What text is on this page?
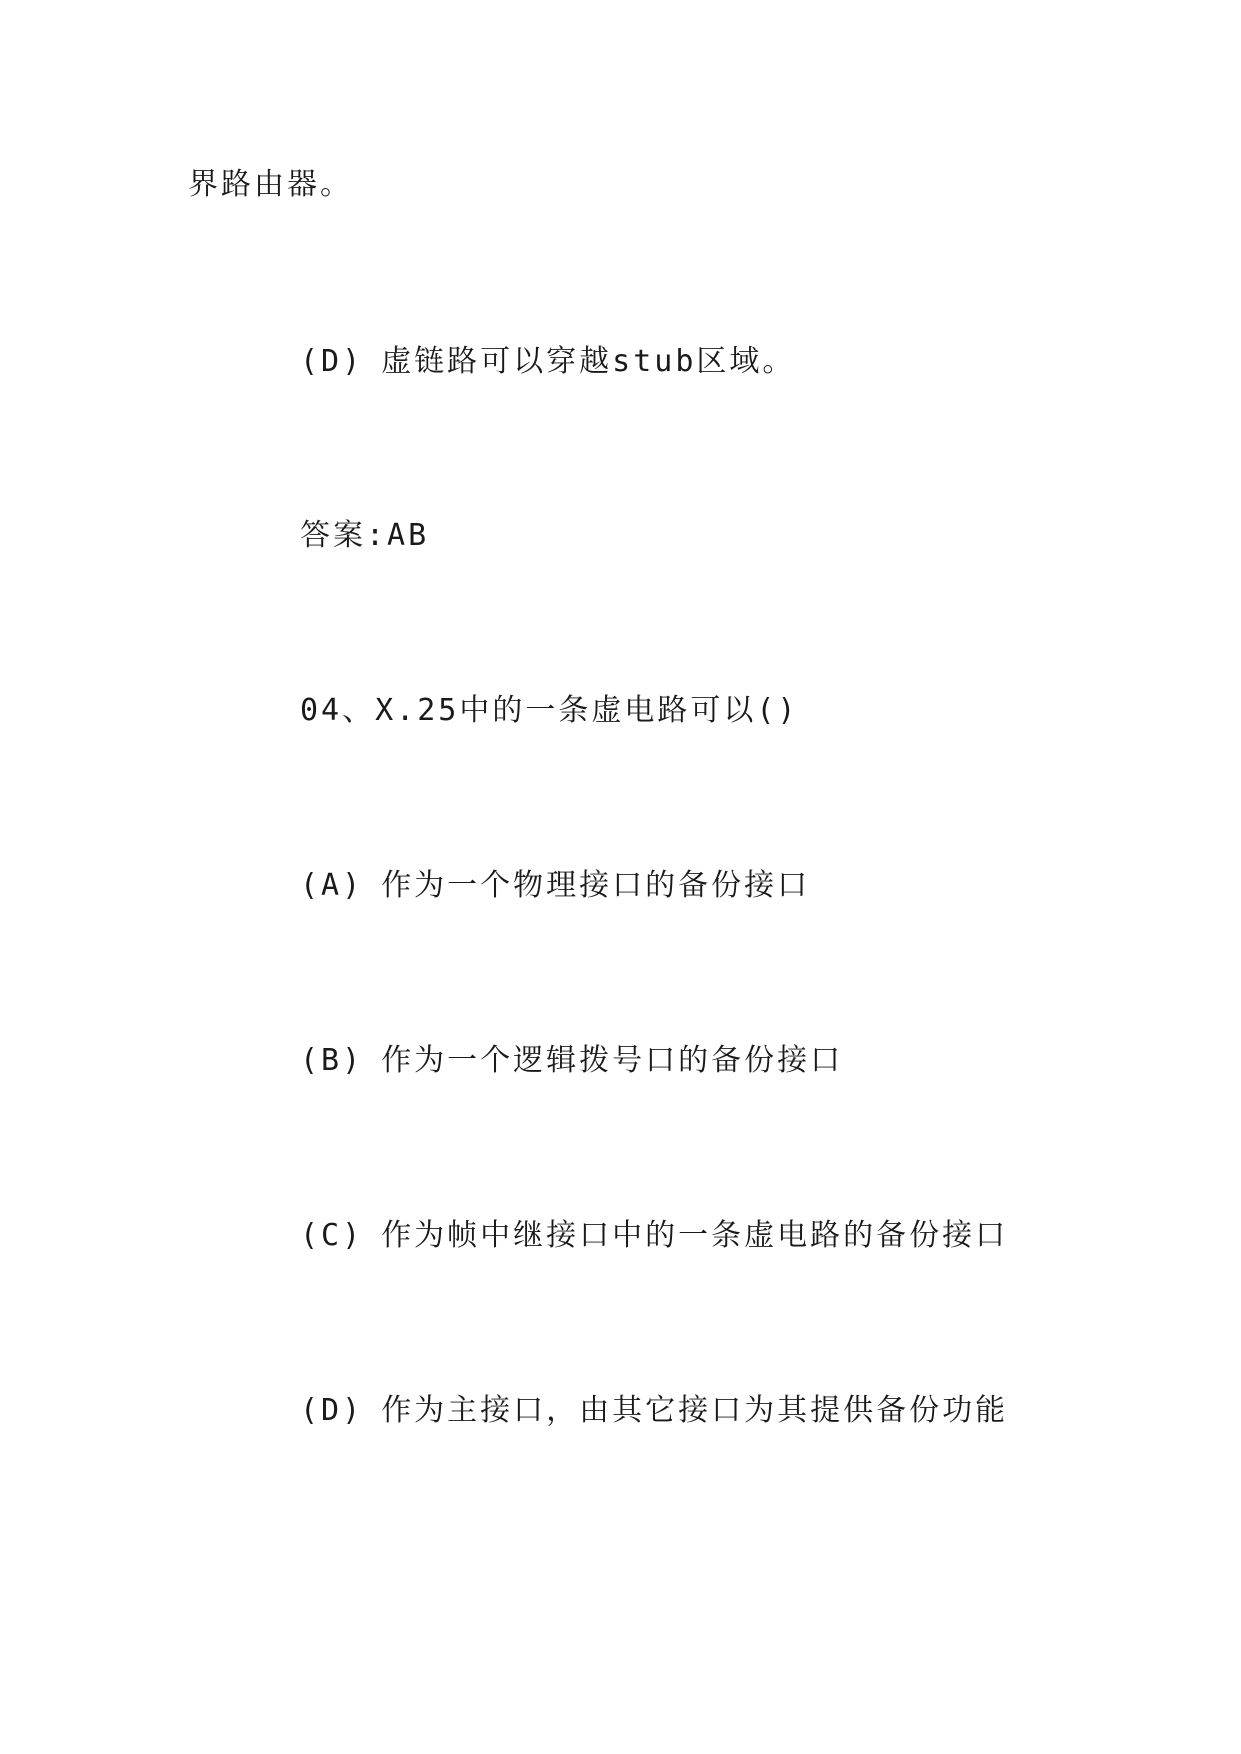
界路由器。
(D) 虚链路可以穿越stub区域。
答案:AB
04、X.25中的一条虚电路可以()
(A) 作为一个物理接口的备份接口
(B) 作为一个逻辑拨号口的备份接口
(C) 作为帧中继接口中的一条虚电路的备份接口
(D) 作为主接口，由其它接口为其提供备份功能
